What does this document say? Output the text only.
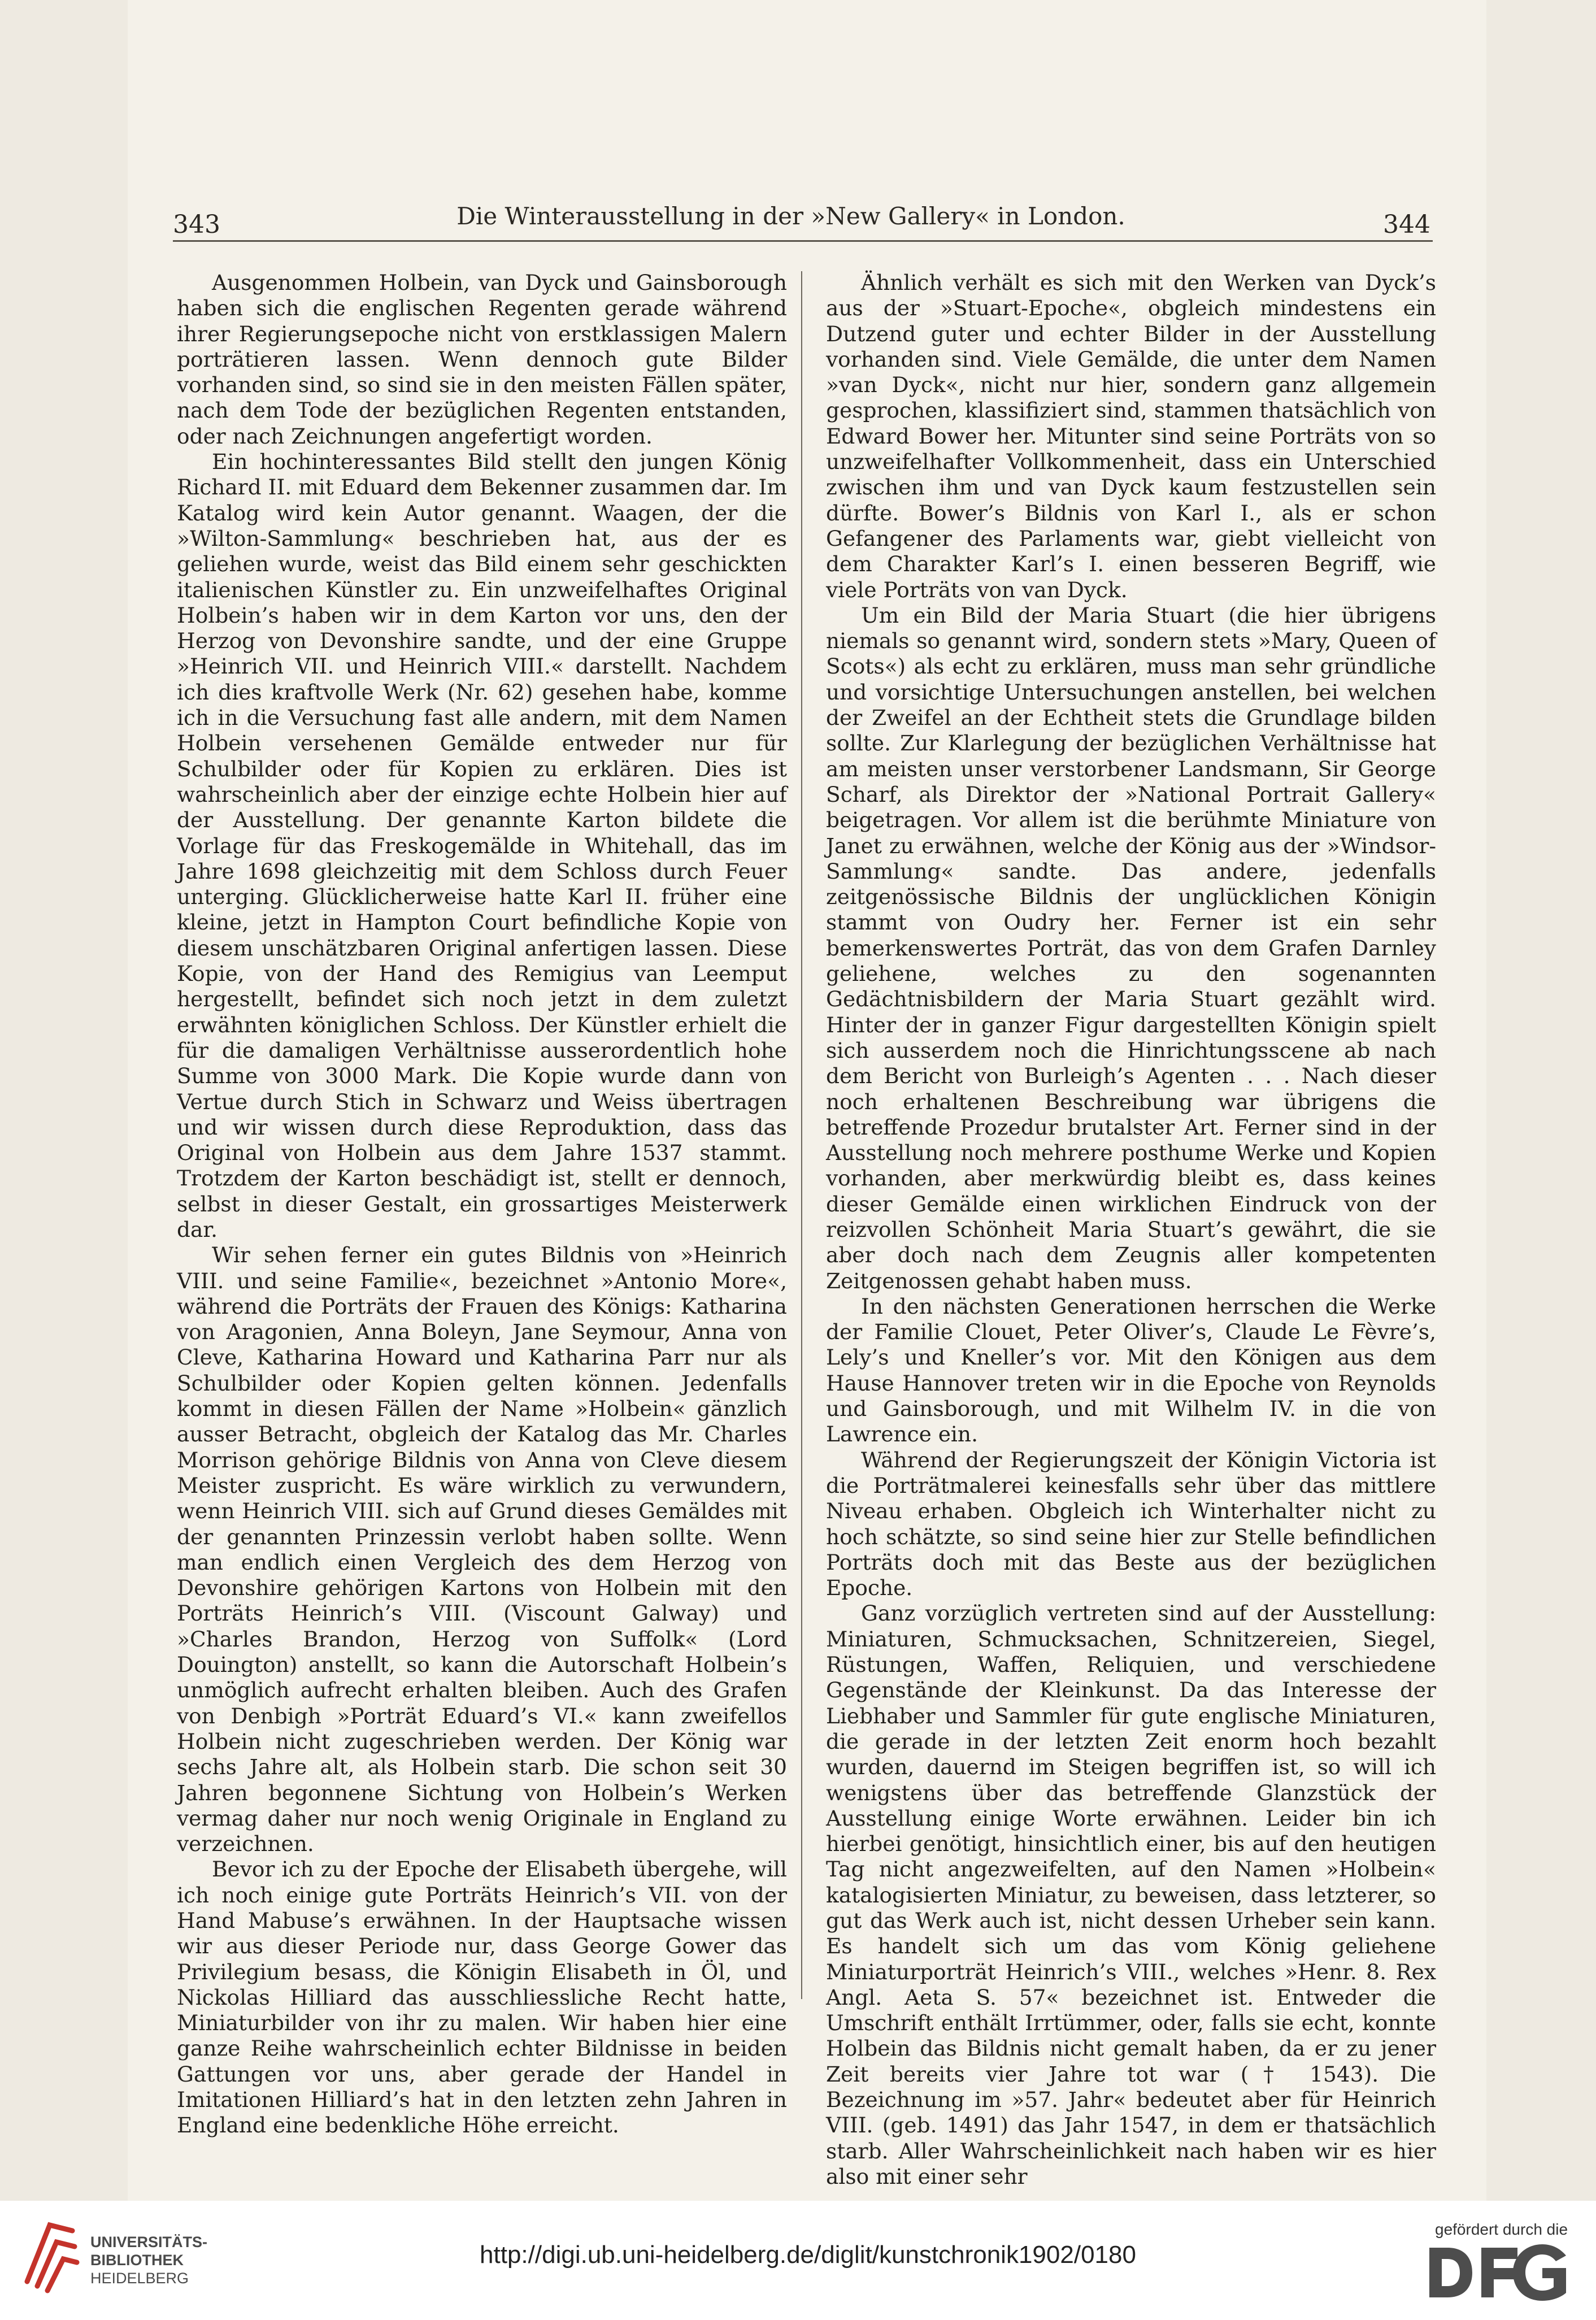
343	Die Winterausstellung in der »New Gallery« in London.	344

Ausgenommen Holbein, van Dyck und Gainsborough haben sich die englischen Regenten gerade während ihrer Regierungsepoche nicht von erstklassigen Malern porträtieren lassen. Wenn dennoch gute Bilder vorhanden sind, so sind sie in den meisten Fällen später, nach dem Tode der bezüglichen Regenten entstanden, oder nach Zeichnungen angefertigt worden.

Ein hochinteressantes Bild stellt den jungen König Richard II. mit Eduard dem Bekenner zusammen dar. Im Katalog wird kein Autor genannt. Waagen, der die »Wilton-Sammlung« beschrieben hat, aus der es geliehen wurde, weist das Bild einem sehr geschickten italienischen Künstler zu. Ein unzweifelhaftes Original Holbein’s haben wir in dem Karton vor uns, den der Herzog von Devonshire sandte, und der eine Gruppe »Heinrich VII. und Heinrich VIII.« darstellt. Nachdem ich dies kraftvolle Werk (Nr. 62) gesehen habe, komme ich in die Versuchung fast alle andern, mit dem Namen Holbein versehenen Gemälde entweder nur für Schulbilder oder für Kopien zu erklären. Dies ist wahrscheinlich aber der einzige echte Holbein hier auf der Ausstellung. Der genannte Karton bildete die Vorlage für das Freskogemälde in Whitehall, das im Jahre 1698 gleichzeitig mit dem Schloss durch Feuer unterging. Glücklicherweise hatte Karl II. früher eine kleine, jetzt in Hampton Court befindliche Kopie von diesem unschätzbaren Original anfertigen lassen. Diese Kopie, von der Hand des Remigius van Leemput hergestellt, befindet sich noch jetzt in dem zuletzt erwähnten königlichen Schloss. Der Künstler erhielt die für die damaligen Verhältnisse ausserordentlich hohe Summe von 3000 Mark. Die Kopie wurde dann von Vertue durch Stich in Schwarz und Weiss übertragen und wir wissen durch diese Reproduktion, dass das Original von Holbein aus dem Jahre 1537 stammt. Trotzdem der Karton beschädigt ist, stellt er dennoch, selbst in dieser Gestalt, ein grossartiges Meisterwerk dar.

Wir sehen ferner ein gutes Bildnis von »Heinrich VIII. und seine Familie«, bezeichnet »Antonio More«, während die Porträts der Frauen des Königs: Katharina von Aragonien, Anna Boleyn, Jane Seymour, Anna von Cleve, Katharina Howard und Katharina Parr nur als Schulbilder oder Kopien gelten können. Jedenfalls kommt in diesen Fällen der Name »Holbein« gänzlich ausser Betracht, obgleich der Katalog das Mr. Charles Morrison gehörige Bildnis von Anna von Cleve diesem Meister zuspricht. Es wäre wirklich zu verwundern, wenn Heinrich VIII. sich auf Grund dieses Gemäldes mit der genannten Prinzessin verlobt haben sollte. Wenn man endlich einen Vergleich des dem Herzog von Devonshire gehörigen Kartons von Holbein mit den Porträts Heinrich’s VIII. (Viscount Galway) und »Charles Brandon, Herzog von Suffolk« (Lord Douington) anstellt, so kann die Autorschaft Holbein’s unmöglich aufrecht erhalten bleiben. Auch des Grafen von Denbigh »Porträt Eduard’s VI.« kann zweifellos Holbein nicht zugeschrieben werden. Der König war sechs Jahre alt, als Holbein starb. Die schon seit 30 Jahren begonnene Sichtung von Holbein’s Werken vermag daher nur noch wenig Originale in England zu verzeichnen.

Bevor ich zu der Epoche der Elisabeth übergehe, will ich noch einige gute Porträts Heinrich’s VII. von der Hand Mabuse’s erwähnen. In der Hauptsache wissen wir aus dieser Periode nur, dass George Gower das Privilegium besass, die Königin Elisabeth in Öl, und Nickolas Hilliard das ausschliessliche Recht hatte, Miniaturbilder von ihr zu malen. Wir haben hier eine ganze Reihe wahrscheinlich echter Bildnisse in beiden Gattungen vor uns, aber gerade der Handel in Imitationen Hilliard’s hat in den letzten zehn Jahren in England eine bedenkliche Höhe erreicht.

Ähnlich verhält es sich mit den Werken van Dyck’s aus der »Stuart-Epoche«, obgleich mindestens ein Dutzend guter und echter Bilder in der Ausstellung vorhanden sind. Viele Gemälde, die unter dem Namen »van Dyck«, nicht nur hier, sondern ganz allgemein gesprochen, klassifiziert sind, stammen thatsächlich von Edward Bower her. Mitunter sind seine Porträts von so unzweifelhafter Vollkommenheit, dass ein Unterschied zwischen ihm und van Dyck kaum festzustellen sein dürfte. Bower’s Bildnis von Karl I., als er schon Gefangener des Parlaments war, giebt vielleicht von dem Charakter Karl’s I. einen besseren Begriff, wie viele Porträts von van Dyck.

Um ein Bild der Maria Stuart (die hier übrigens niemals so genannt wird, sondern stets »Mary, Queen of Scots«) als echt zu erklären, muss man sehr gründliche und vorsichtige Untersuchungen anstellen, bei welchen der Zweifel an der Echtheit stets die Grundlage bilden sollte. Zur Klarlegung der bezüglichen Verhältnisse hat am meisten unser verstorbener Landsmann, Sir George Scharf, als Direktor der »National Portrait Gallery« beigetragen. Vor allem ist die berühmte Miniature von Janet zu erwähnen, welche der König aus der »Windsor-Sammlung« sandte. Das andere, jedenfalls zeitgenössische Bildnis der unglücklichen Königin stammt von Oudry her. Ferner ist ein sehr bemerkenswertes Porträt, das von dem Grafen Darnley geliehene, welches zu den sogenannten Gedächtnisbildern der Maria Stuart gezählt wird. Hinter der in ganzer Figur dargestellten Königin spielt sich ausserdem noch die Hinrichtungsscene ab nach dem Bericht von Burleigh’s Agenten . . . Nach dieser noch erhaltenen Beschreibung war übrigens die betreffende Prozedur brutalster Art. Ferner sind in der Ausstellung noch mehrere posthume Werke und Kopien vorhanden, aber merkwürdig bleibt es, dass keines dieser Gemälde einen wirklichen Eindruck von der reizvollen Schönheit Maria Stuart’s gewährt, die sie aber doch nach dem Zeugnis aller kompetenten Zeitgenossen gehabt haben muss.

In den nächsten Generationen herrschen die Werke der Familie Clouet, Peter Oliver’s, Claude Le Fèvre’s, Lely’s und Kneller’s vor. Mit den Königen aus dem Hause Hannover treten wir in die Epoche von Reynolds und Gainsborough, und mit Wilhelm IV. in die von Lawrence ein.

Während der Regierungszeit der Königin Victoria ist die Porträtmalerei keinesfalls sehr über das mittlere Niveau erhaben. Obgleich ich Winterhalter nicht zu hoch schätzte, so sind seine hier zur Stelle befindlichen Porträts doch mit das Beste aus der bezüglichen Epoche.

Ganz vorzüglich vertreten sind auf der Ausstellung: Miniaturen, Schmucksachen, Schnitzereien, Siegel, Rüstungen, Waffen, Reliquien, und verschiedene Gegenstände der Kleinkunst. Da das Interesse der Liebhaber und Sammler für gute englische Miniaturen, die gerade in der letzten Zeit enorm hoch bezahlt wurden, dauernd im Steigen begriffen ist, so will ich wenigstens über das betreffende Glanzstück der Ausstellung einige Worte erwähnen. Leider bin ich hierbei genötigt, hinsichtlich einer, bis auf den heutigen Tag nicht angezweifelten, auf den Namen »Holbein« katalogisierten Miniatur, zu beweisen, dass letzterer, so gut das Werk auch ist, nicht dessen Urheber sein kann. Es handelt sich um das vom König geliehene Miniaturporträt Heinrich’s VIII., welches »Henr. 8. Rex Angl. Aeta S. 57« bezeichnet ist. Entweder die Umschrift enthält Irrtümmer, oder, falls sie echt, konnte Holbein das Bildnis nicht gemalt haben, da er zu jener Zeit bereits vier Jahre tot war († 1543). Die Bezeichnung im »57. Jahr« bedeutet aber für Heinrich VIII. (geb. 1491) das Jahr 1547, in dem er thatsächlich starb. Aller Wahrscheinlichkeit nach haben wir es hier also mit einer sehr

UNIVERSITÄTS-
BIBLIOTHEK
HEIDELBERG
http://digi.ub.uni-heidelberg.de/diglit/kunstchronik1902/0180
gefördert durch die
